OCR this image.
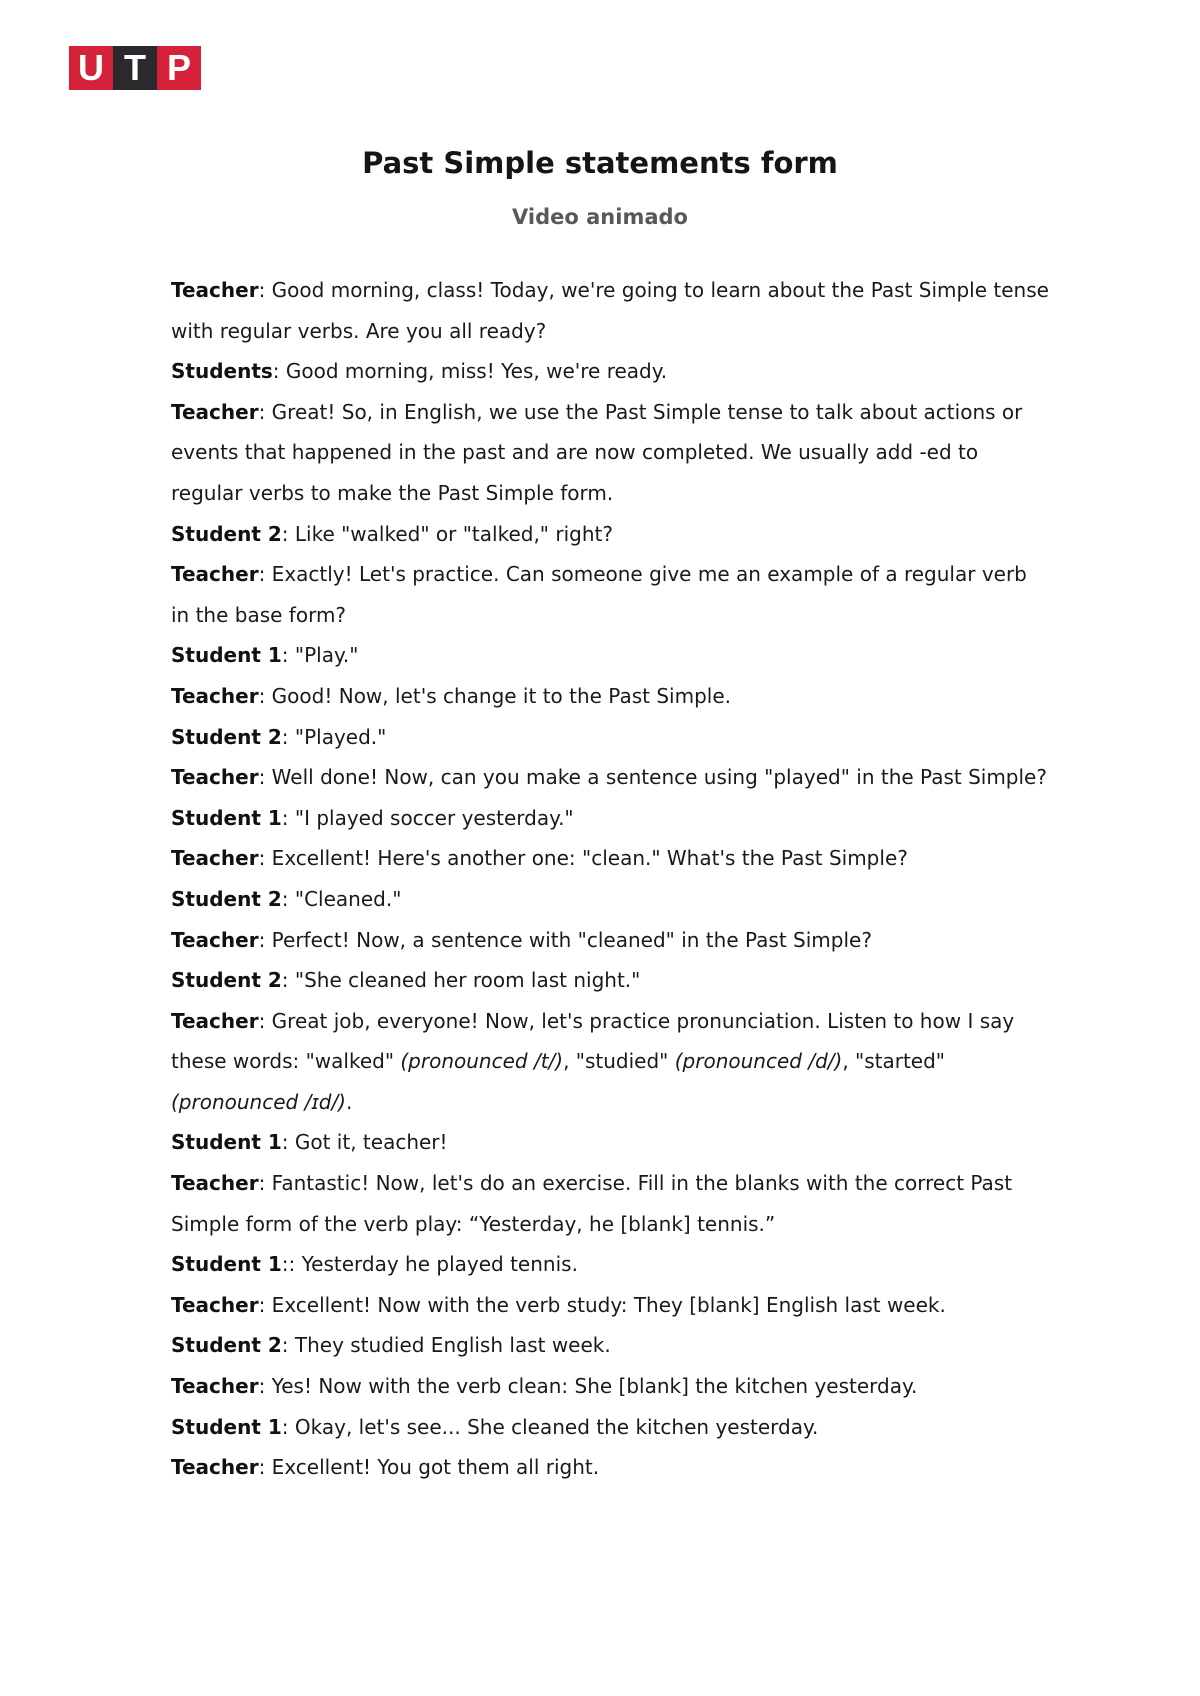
U T P
Past Simple statements form
Video animado

Teacher: Good morning, class! Today, we're going to learn about the Past Simple tense with regular verbs. Are you all ready?

Students: Good morning, miss! Yes, we're ready.

Teacher: Great! So, in English, we use the Past Simple tense to talk about actions or events that happened in the past and are now completed. We usually add -ed to regular verbs to make the Past Simple form.

Student 2: Like "walked" or "talked," right?

Teacher: Exactly! Let's practice. Can someone give me an example of a regular verb in the base form?

Student 1: "Play."

Teacher: Good! Now, let's change it to the Past Simple.

Student 2: "Played."

Teacher: Well done! Now, can you make a sentence using "played" in the Past Simple?

Student 1: "I played soccer yesterday."

Teacher: Excellent! Here's another one: "clean." What's the Past Simple?

Student 2: "Cleaned."

Teacher: Perfect! Now, a sentence with "cleaned" in the Past Simple?

Student 2: "She cleaned her room last night."

Teacher: Great job, everyone! Now, let's practice pronunciation. Listen to how I say these words: "walked" (pronounced /t/), "studied" (pronounced /d/), "started" (pronounced /ɪd/).

Student 1: Got it, teacher!

Teacher: Fantastic! Now, let's do an exercise. Fill in the blanks with the correct Past Simple form of the verb play: “Yesterday, he [blank] tennis.”

Student 1:: Yesterday he played tennis.

Teacher: Excellent! Now with the verb study: They [blank] English last week.

Student 2: They studied English last week.

Teacher: Yes! Now with the verb clean: She [blank] the kitchen yesterday.

Student 1: Okay, let's see... She cleaned the kitchen yesterday.

Teacher: Excellent! You got them all right.
